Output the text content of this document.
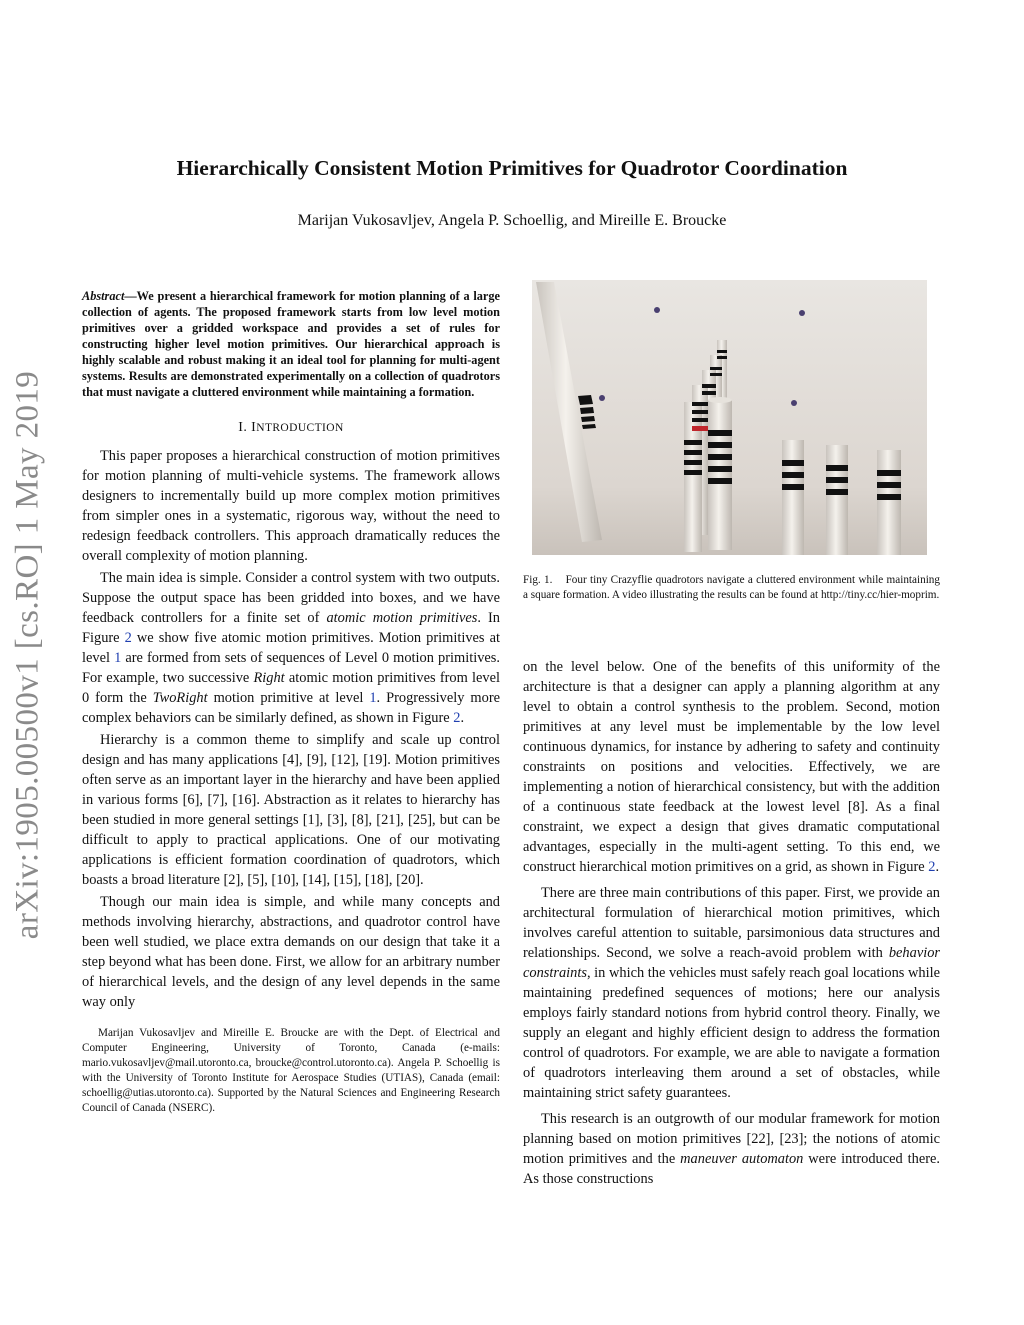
arXiv:1905.00500v1 [cs.RO] 1 May 2019
Hierarchically Consistent Motion Primitives for Quadrotor Coordination
Marijan Vukosavljev, Angela P. Schoellig, and Mireille E. Broucke

Abstract—We present a hierarchical framework for motion planning of a large collection of agents. The proposed framework starts from low level motion primitives over a gridded workspace and provides a set of rules for constructing higher level motion primitives. Our hierarchical approach is highly scalable and robust making it an ideal tool for planning for multi-agent systems. Results are demonstrated experimentally on a collection of quadrotors that must navigate a cluttered environment while maintaining a formation.

I. INTRODUCTION

This paper proposes a hierarchical construction of motion primitives for motion planning of multi-vehicle systems. The framework allows designers to incrementally build up more complex motion primitives from simpler ones in a systematic, rigorous way, without the need to redesign feedback controllers. This approach dramatically reduces the overall complexity of motion planning.

The main idea is simple. Consider a control system with two outputs. Suppose the output space has been gridded into boxes, and we have feedback controllers for a finite set of atomic motion primitives. In Figure 2 we show five atomic motion primitives. Motion primitives at level 1 are formed from sets of sequences of Level 0 motion primitives. For example, two successive Right atomic motion primitives from level 0 form the TwoRight motion primitive at level 1. Progressively more complex behaviors can be similarly defined, as shown in Figure 2.

Hierarchy is a common theme to simplify and scale up control design and has many applications [4], [9], [12], [19]. Motion primitives often serve as an important layer in the hierarchy and have been applied in various forms [6], [7], [16]. Abstraction as it relates to hierarchy has been studied in more general settings [1], [3], [8], [21], [25], but can be difficult to apply to practical applications. One of our motivating applications is efficient formation coordination of quadrotors, which boasts a broad literature [2], [5], [10], [14], [15], [18], [20].

Though our main idea is simple, and while many concepts and methods involving hierarchy, abstractions, and quadrotor control have been well studied, we place extra demands on our design that take it a step beyond what has been done. First, we allow for an arbitrary number of hierarchical levels, and the design of any level depends in the same way only

Marijan Vukosavljev and Mireille E. Broucke are with the Dept. of Electrical and Computer Engineering, University of Toronto, Canada (e-mails: mario.vukosavljev@mail.utoronto.ca, broucke@control.utoronto.ca). Angela P. Schoellig is with the University of Toronto Institute for Aerospace Studies (UTIAS), Canada (email: schoellig@utias.utoronto.ca). Supported by the Natural Sciences and Engineering Research Council of Canada (NSERC).
Fig. 1. Four tiny Crazyflie quadrotors navigate a cluttered environment while maintaining a square formation. A video illustrating the results can be found at http://tiny.cc/hier-moprim.

on the level below. One of the benefits of this uniformity of the architecture is that a designer can apply a planning algorithm at any level to obtain a control synthesis to the problem. Second, motion primitives at any level must be implementable by the low level continuous dynamics, for instance by adhering to safety and continuity constraints on positions and velocities. Effectively, we are implementing a notion of hierarchical consistency, but with the addition of a continuous state feedback at the lowest level [8]. As a final constraint, we expect a design that gives dramatic computational advantages, especially in the multi-agent setting. To this end, we construct hierarchical motion primitives on a grid, as shown in Figure 2.

There are three main contributions of this paper. First, we provide an architectural formulation of hierarchical motion primitives, which involves careful attention to suitable, parsimonious data structures and relationships. Second, we solve a reach-avoid problem with behavior constraints, in which the vehicles must safely reach goal locations while maintaining predefined sequences of motions; here our analysis employs fairly standard notions from hybrid control theory. Finally, we supply an elegant and highly efficient design to address the formation control of quadrotors. For example, we are able to navigate a formation of quadrotors interleaving them around a set of obstacles, while maintaining strict safety guarantees.

This research is an outgrowth of our modular framework for motion planning based on motion primitives [22], [23]; the notions of atomic motion primitives and the maneuver automaton were introduced there. As those constructions
